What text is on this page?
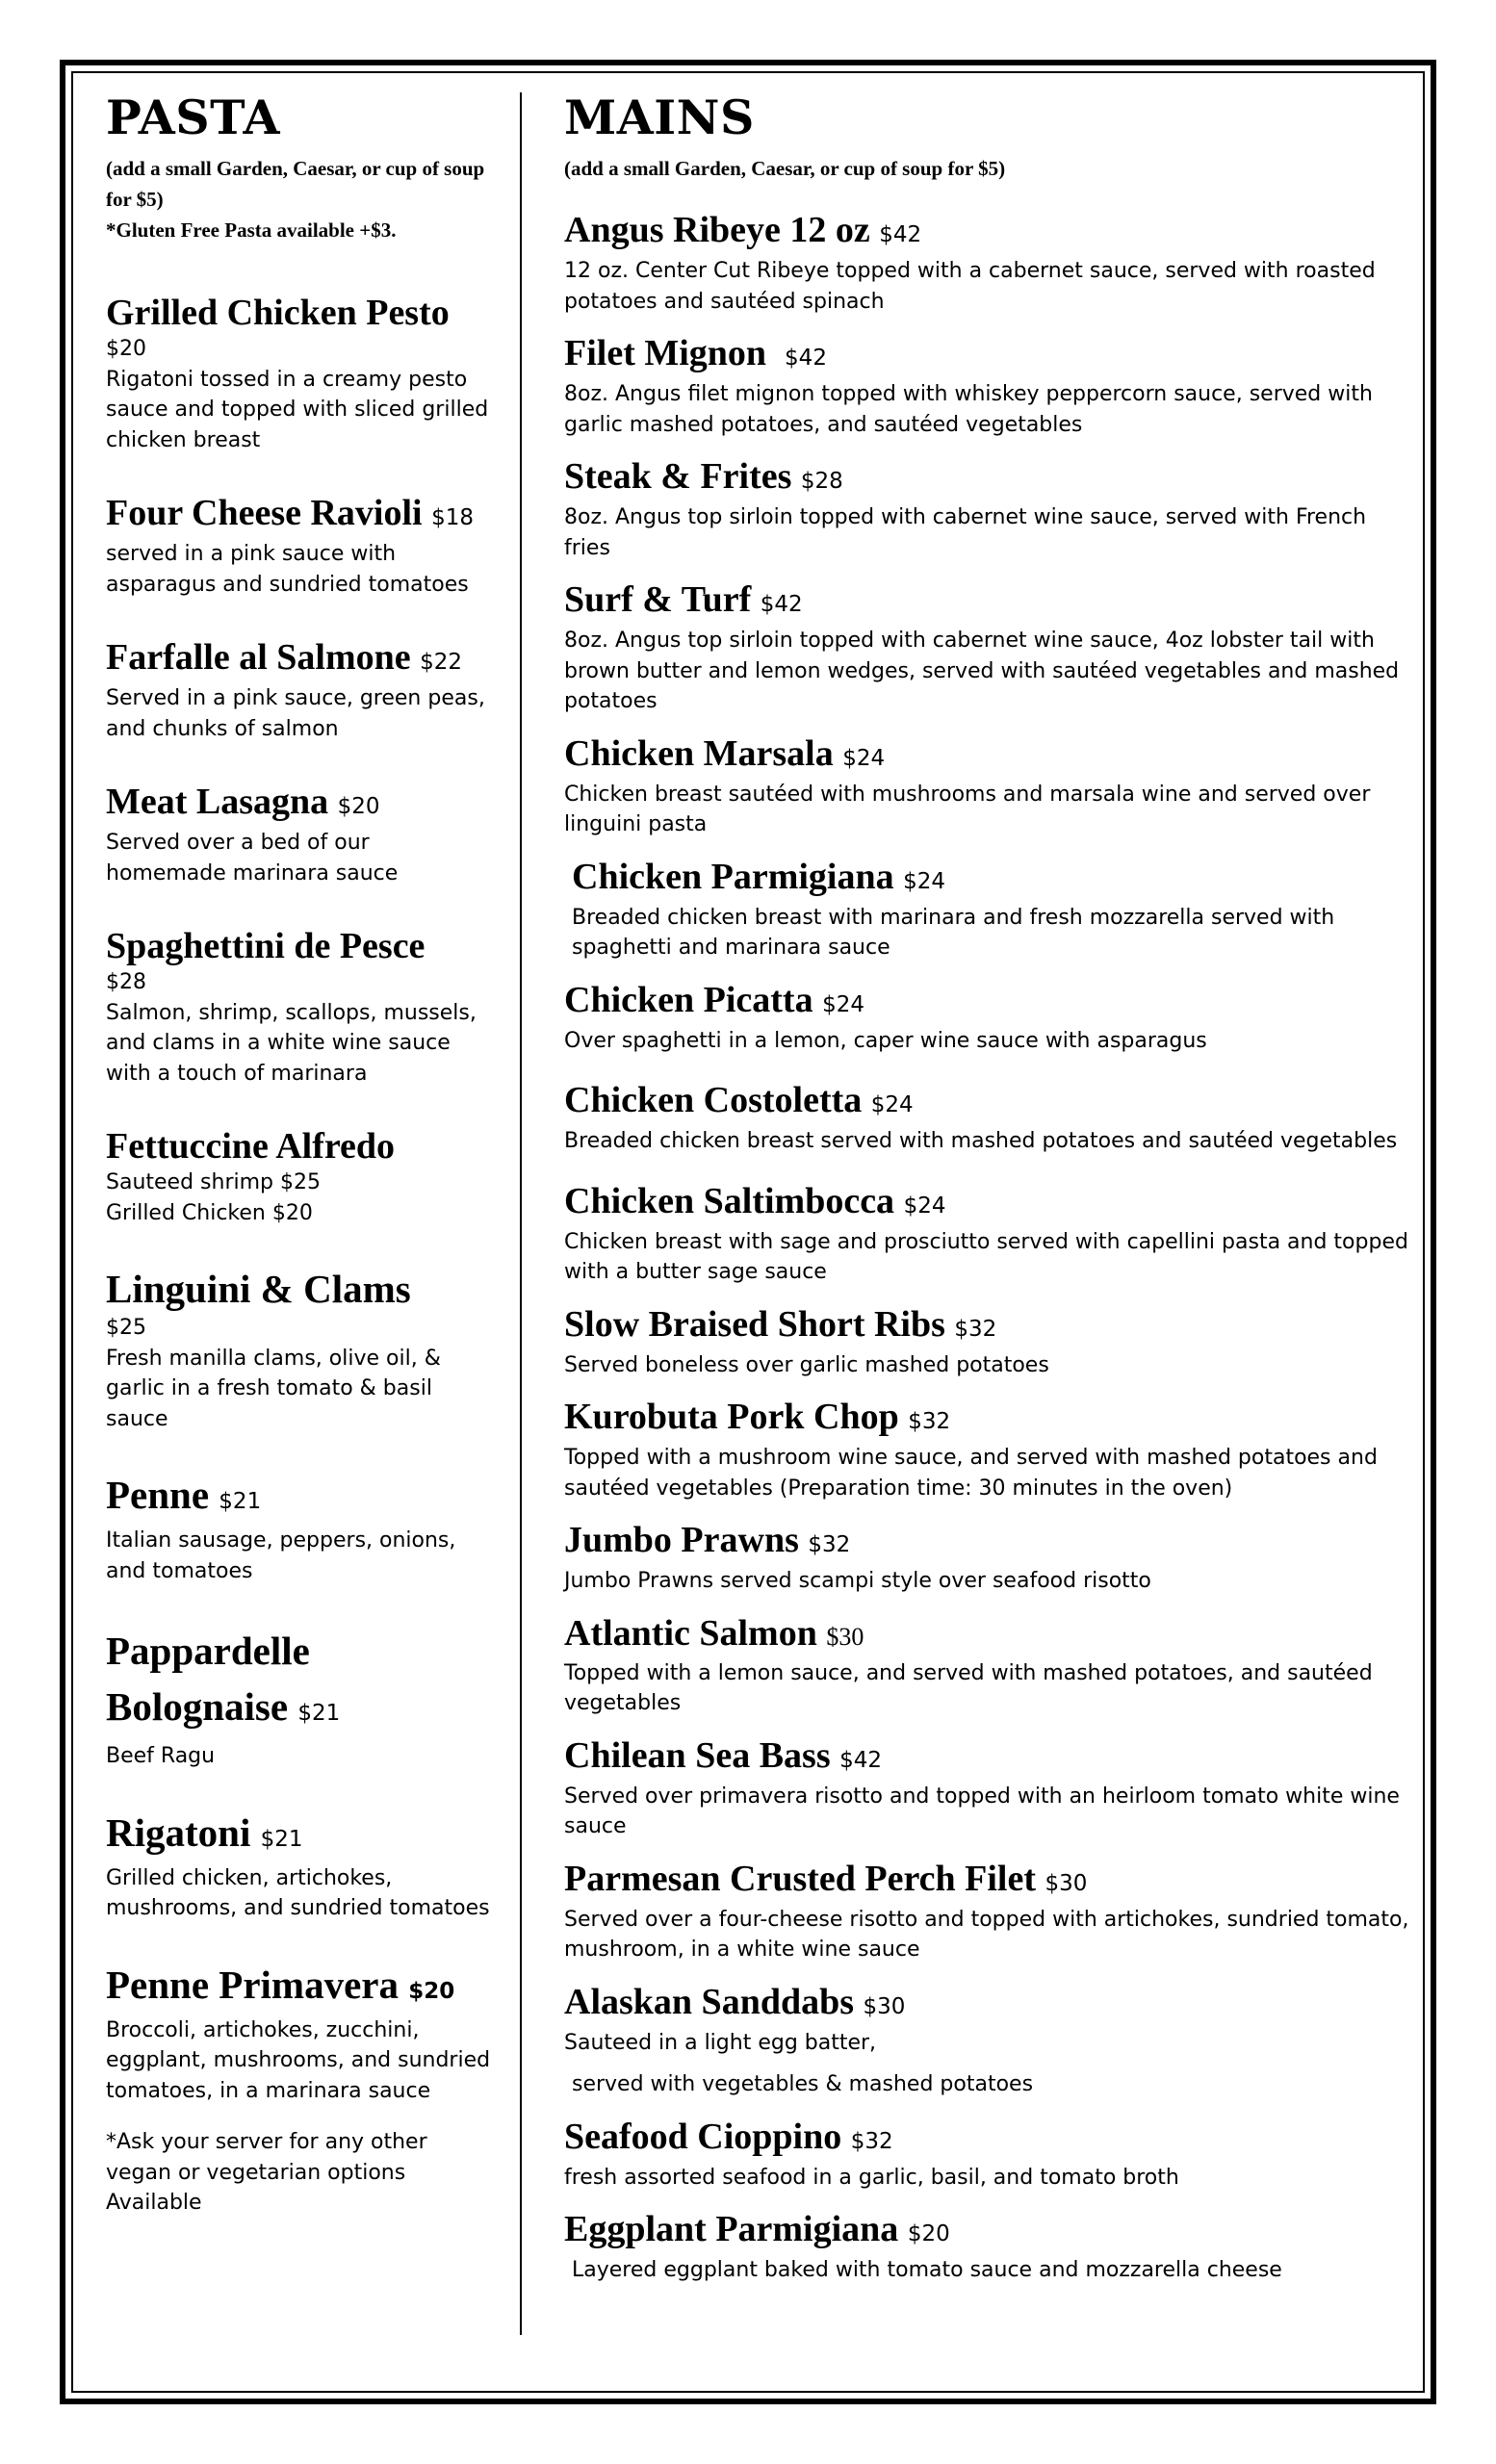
PASTA
(add a small Garden, Caesar, or cup of soup for $5)
*Gluten Free Pasta available +$3.
Grilled Chicken Pesto
$20
Rigatoni tossed in a creamy pesto sauce and topped with sliced grilled chicken breast
Four Cheese Ravioli $18
served in a pink sauce with asparagus and sundried tomatoes
Farfalle al Salmone $22
Served in a pink sauce, green peas, and chunks of salmon
Meat Lasagna $20
Served over a bed of our homemade marinara sauce
Spaghettini de Pesce
$28
Salmon, shrimp, scallops, mussels, and clams in a white wine sauce with a touch of marinara
Fettuccine Alfredo
Sauteed shrimp $25
Grilled Chicken $20
Linguini & Clams
$25
Fresh manilla clams, olive oil, & garlic in a fresh tomato & basil sauce
Penne $21
Italian sausage, peppers, onions, and tomatoes
Pappardelle
Bolognaise $21
Beef Ragu
Rigatoni $21
Grilled chicken, artichokes, mushrooms, and sundried tomatoes
Penne Primavera $20
Broccoli, artichokes, zucchini, eggplant, mushrooms, and sundried tomatoes, in a marinara sauce
*Ask your server for any other vegan or vegetarian options Available
MAINS
(add a small Garden, Caesar, or cup of soup for $5)
Angus Ribeye 12 oz $42
12 oz. Center Cut Ribeye topped with a cabernet sauce, served with roasted potatoes and sautéed spinach
Filet Mignon $42
8oz. Angus filet mignon topped with whiskey peppercorn sauce, served with garlic mashed potatoes, and sautéed vegetables
Steak & Frites $28
8oz. Angus top sirloin topped with cabernet wine sauce, served with French fries
Surf & Turf $42
8oz. Angus top sirloin topped with cabernet wine sauce, 4oz lobster tail with brown butter and lemon wedges, served with sautéed vegetables and mashed potatoes
Chicken Marsala $24
Chicken breast sautéed with mushrooms and marsala wine and served over linguini pasta
Chicken Parmigiana $24
Breaded chicken breast with marinara and fresh mozzarella served with spaghetti and marinara sauce
Chicken Picatta $24
Over spaghetti in a lemon, caper wine sauce with asparagus
Chicken Costoletta $24
Breaded chicken breast served with mashed potatoes and sautéed vegetables
Chicken Saltimbocca $24
Chicken breast with sage and prosciutto served with capellini pasta and topped with a butter sage sauce
Slow Braised Short Ribs $32
Served boneless over garlic mashed potatoes
Kurobuta Pork Chop $32
Topped with a mushroom wine sauce, and served with mashed potatoes and sautéed vegetables (Preparation time: 30 minutes in the oven)
Jumbo Prawns $32
Jumbo Prawns served scampi style over seafood risotto
Atlantic Salmon $30
Topped with a lemon sauce, and served with mashed potatoes, and sautéed vegetables
Chilean Sea Bass $42
Served over primavera risotto and topped with an heirloom tomato white wine sauce
Parmesan Crusted Perch Filet $30
Served over a four-cheese risotto and topped with artichokes, sundried tomato, mushroom, in a white wine sauce
Alaskan Sanddabs $30
Sauteed in a light egg batter,
served with vegetables & mashed potatoes
Seafood Cioppino $32
fresh assorted seafood in a garlic, basil, and tomato broth
Eggplant Parmigiana $20
Layered eggplant baked with tomato sauce and mozzarella cheese
